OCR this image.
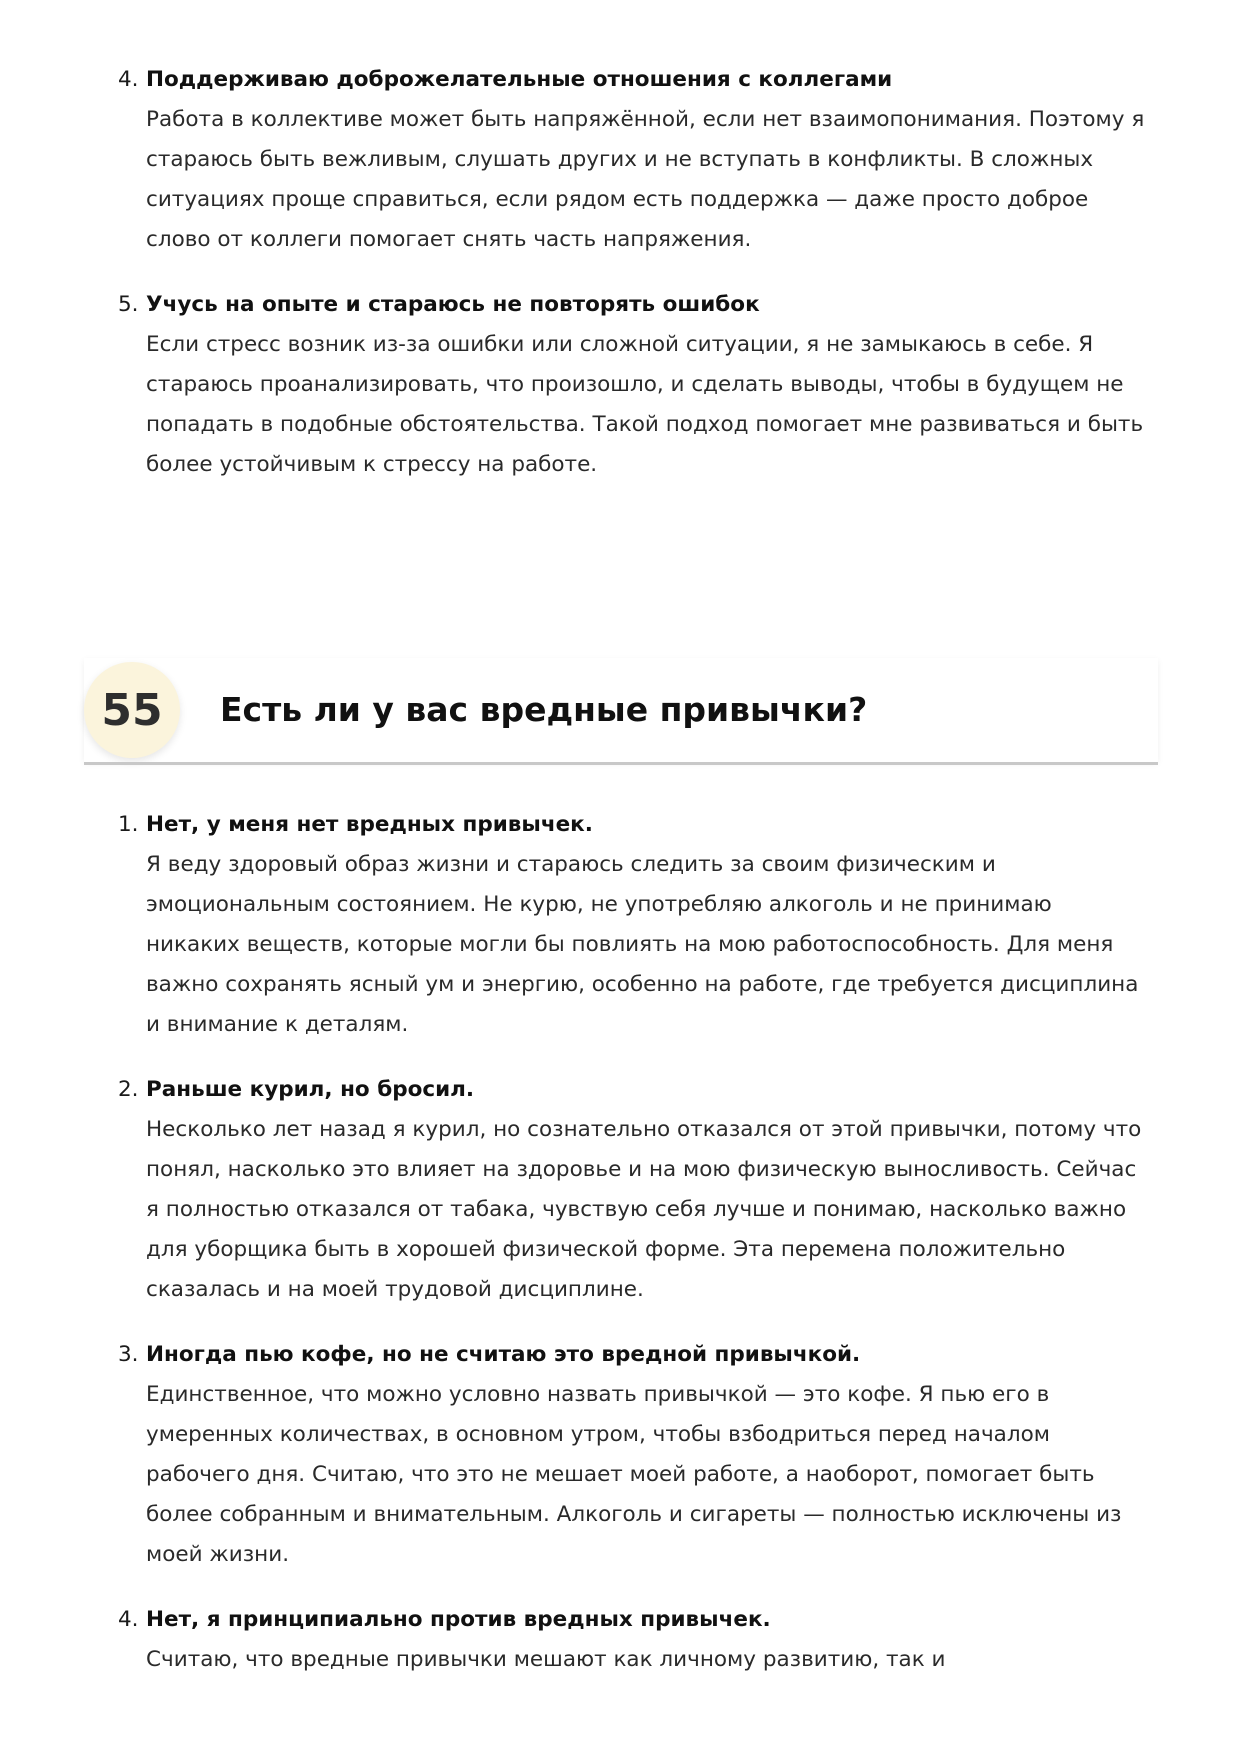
4. Поддерживаю доброжелательные отношения с коллегами
Работа в коллективе может быть напряжённой, если нет взаимопонимания. Поэтому я
стараюсь быть вежливым, слушать других и не вступать в конфликты. В сложных
ситуациях проще справиться, если рядом есть поддержка — даже просто доброе
слово от коллеги помогает снять часть напряжения.
5. Учусь на опыте и стараюсь не повторять ошибок
Если стресс возник из-за ошибки или сложной ситуации, я не замыкаюсь в себе. Я
стараюсь проанализировать, что произошло, и сделать выводы, чтобы в будущем не
попадать в подобные обстоятельства. Такой подход помогает мне развиваться и быть
более устойчивым к стрессу на работе.
55	Есть ли у вас вредные привычки?
1. Нет, у меня нет вредных привычек.
Я веду здоровый образ жизни и стараюсь следить за своим физическим и
эмоциональным состоянием. Не курю, не употребляю алкоголь и не принимаю
никаких веществ, которые могли бы повлиять на мою работоспособность. Для меня
важно сохранять ясный ум и энергию, особенно на работе, где требуется дисциплина
и внимание к деталям.
2. Раньше курил, но бросил.
Несколько лет назад я курил, но сознательно отказался от этой привычки, потому что
понял, насколько это влияет на здоровье и на мою физическую выносливость. Сейчас
я полностью отказался от табака, чувствую себя лучше и понимаю, насколько важно
для уборщика быть в хорошей физической форме. Эта перемена положительно
сказалась и на моей трудовой дисциплине.
3. Иногда пью кофе, но не считаю это вредной привычкой.
Единственное, что можно условно назвать привычкой — это кофе. Я пью его в
умеренных количествах, в основном утром, чтобы взбодриться перед началом
рабочего дня. Считаю, что это не мешает моей работе, а наоборот, помогает быть
более собранным и внимательным. Алкоголь и сигареты — полностью исключены из
моей жизни.
4. Нет, я принципиально против вредных привычек.
Считаю, что вредные привычки мешают как личному развитию, так и
